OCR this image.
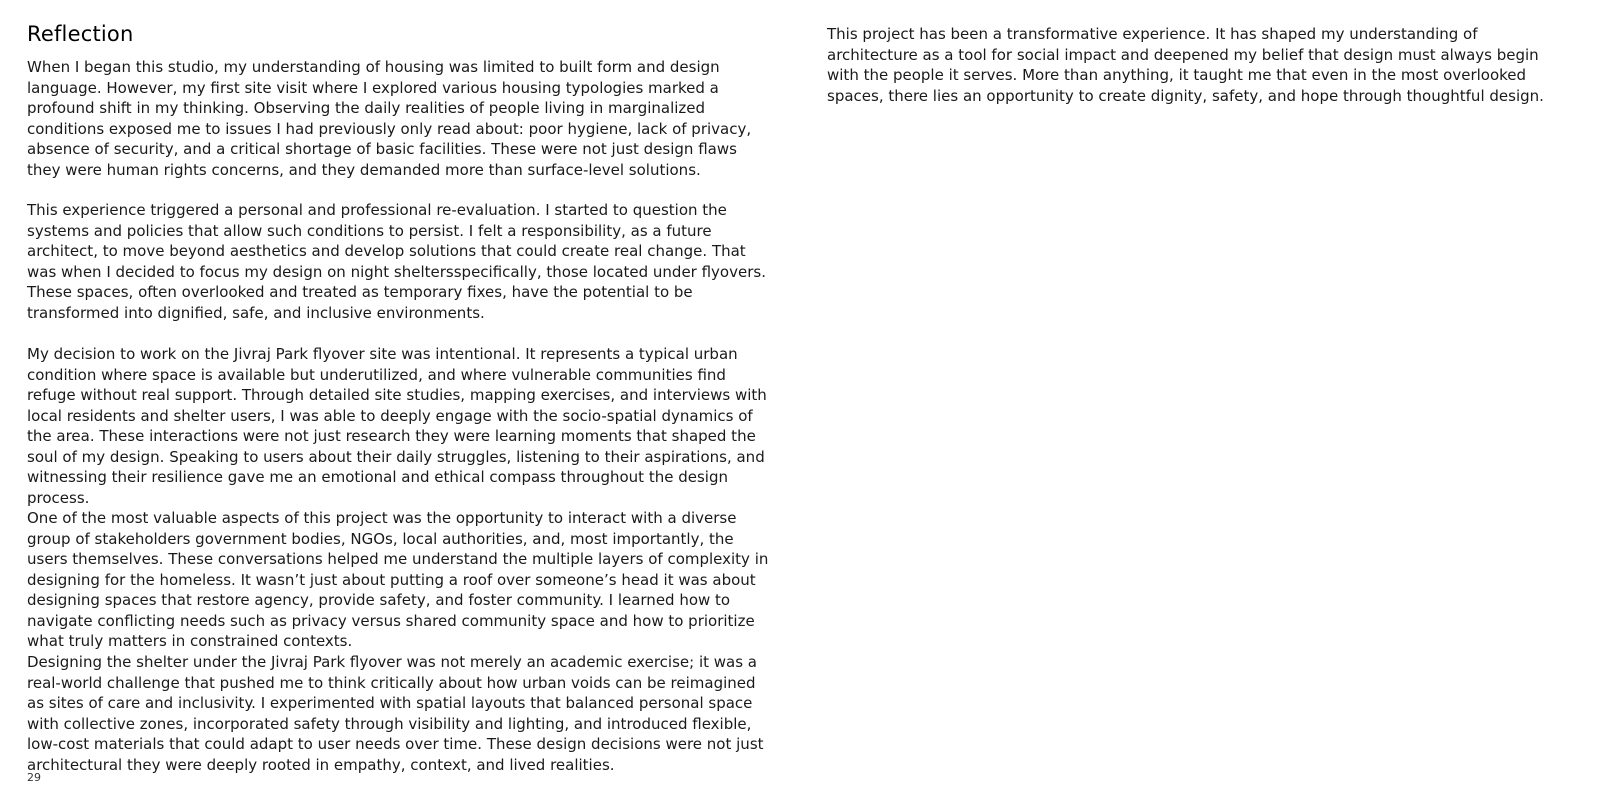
Reflection

When I began this studio, my understanding of housing was limited to built form and design language. However, my first site visit where I explored various housing typologies marked a profound shift in my thinking. Observing the daily realities of people living in marginalized conditions exposed me to issues I had previously only read about: poor hygiene, lack of privacy, absence of security, and a critical shortage of basic facilities. These were not just design flaws they were human rights concerns, and they demanded more than surface-level solutions.

This experience triggered a personal and professional re-evaluation. I started to question the systems and policies that allow such conditions to persist. I felt a responsibility, as a future architect, to move beyond aesthetics and develop solutions that could create real change. That was when I decided to focus my design on night sheltersspecifically, those located under flyovers. These spaces, often overlooked and treated as temporary fixes, have the potential to be transformed into dignified, safe, and inclusive environments.

My decision to work on the Jivraj Park flyover site was intentional. It represents a typical urban condition where space is available but underutilized, and where vulnerable communities find refuge without real support. Through detailed site studies, mapping exercises, and interviews with local residents and shelter users, I was able to deeply engage with the socio-spatial dynamics of the area. These interactions were not just research they were learning moments that shaped the soul of my design. Speaking to users about their daily struggles, listening to their aspirations, and witnessing their resilience gave me an emotional and ethical compass throughout the design process.

One of the most valuable aspects of this project was the opportunity to interact with a diverse group of stakeholders government bodies, NGOs, local authorities, and, most importantly, the users themselves. These conversations helped me understand the multiple layers of complexity in designing for the homeless. It wasn’t just about putting a roof over someone’s head it was about designing spaces that restore agency, provide safety, and foster community. I learned how to navigate conflicting needs such as privacy versus shared community space and how to prioritize what truly matters in constrained contexts.

Designing the shelter under the Jivraj Park flyover was not merely an academic exercise; it was a real-world challenge that pushed me to think critically about how urban voids can be reimagined as sites of care and inclusivity. I experimented with spatial layouts that balanced personal space with collective zones, incorporated safety through visibility and lighting, and introduced flexible, low-cost materials that could adapt to user needs over time. These design decisions were not just architectural they were deeply rooted in empathy, context, and lived realities.

This project has been a transformative experience. It has shaped my understanding of architecture as a tool for social impact and deepened my belief that design must always begin with the people it serves. More than anything, it taught me that even in the most overlooked spaces, there lies an opportunity to create dignity, safety, and hope through thoughtful design.

29
